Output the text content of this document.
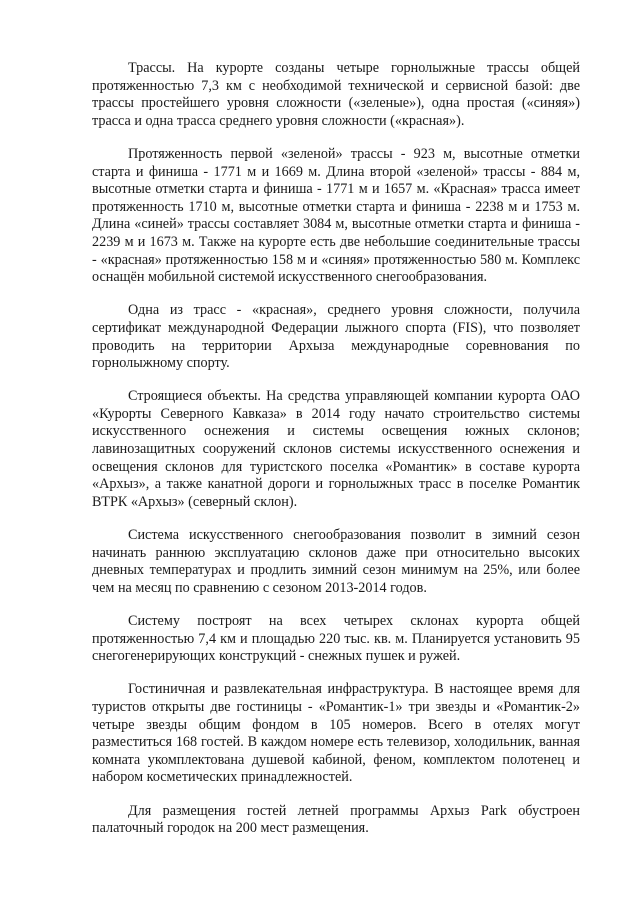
Трассы. На курорте созданы четыре горнолыжные трассы общей протяженностью 7,3 км с необходимой технической и сервисной базой: две трассы простейшего уровня сложности («зеленые»), одна простая («синяя») трасса и одна трасса среднего уровня сложности («красная»).

Протяженность первой «зеленой» трассы - 923 м, высотные отметки старта и финиша - 1771 м и 1669 м. Длина второй «зеленой» трассы - 884 м, высотные отметки старта и финиша - 1771 м и 1657 м. «Красная» трасса имеет протяженность 1710 м, высотные отметки старта и финиша - 2238 м и 1753 м. Длина «синей» трассы составляет 3084 м, высотные отметки старта и финиша - 2239 м и 1673 м. Также на курорте есть две небольшие соединительные трассы - «красная» протяженностью 158 м и «синяя» протяженностью 580 м. Комплекс оснащён мобильной системой искусственного снегообразования.

Одна из трасс - «красная», среднего уровня сложности, получила сертификат международной Федерации лыжного спорта (FIS), что позволяет проводить на территории Архыза международные соревнования по горнолыжному спорту.

Строящиеся объекты. На средства управляющей компании курорта ОАО «Курорты Северного Кавказа» в 2014 году начато строительство системы искусственного оснежения и системы освещения южных склонов; лавинозащитных сооружений склонов системы искусственного оснежения и освещения склонов для туристского поселка «Романтик» в составе курорта «Архыз», а также канатной дороги и горнолыжных трасс в поселке Романтик ВТРК «Архыз» (северный склон).

Система искусственного снегообразования позволит в зимний сезон начинать раннюю эксплуатацию склонов даже при относительно высоких дневных температурах и продлить зимний сезон минимум на 25%, или более чем на месяц по сравнению с сезоном 2013-2014 годов.

Систему построят на всех четырех склонах курорта общей протяженностью 7,4 км и площадью 220 тыс. кв. м. Планируется установить 95 снегогенерирующих конструкций - снежных пушек и ружей.

Гостиничная и развлекательная инфраструктура. В настоящее время для туристов открыты две гостиницы - «Романтик-1» три звезды и «Романтик-2» четыре звезды общим фондом в 105 номеров. Всего в отелях могут разместиться 168 гостей. В каждом номере есть телевизор, холодильник, ванная комната укомплектована душевой кабиной, феном, комплектом полотенец и набором косметических принадлежностей.

Для размещения гостей летней программы Архыз Park обустроен палаточный городок на 200 мест размещения.
